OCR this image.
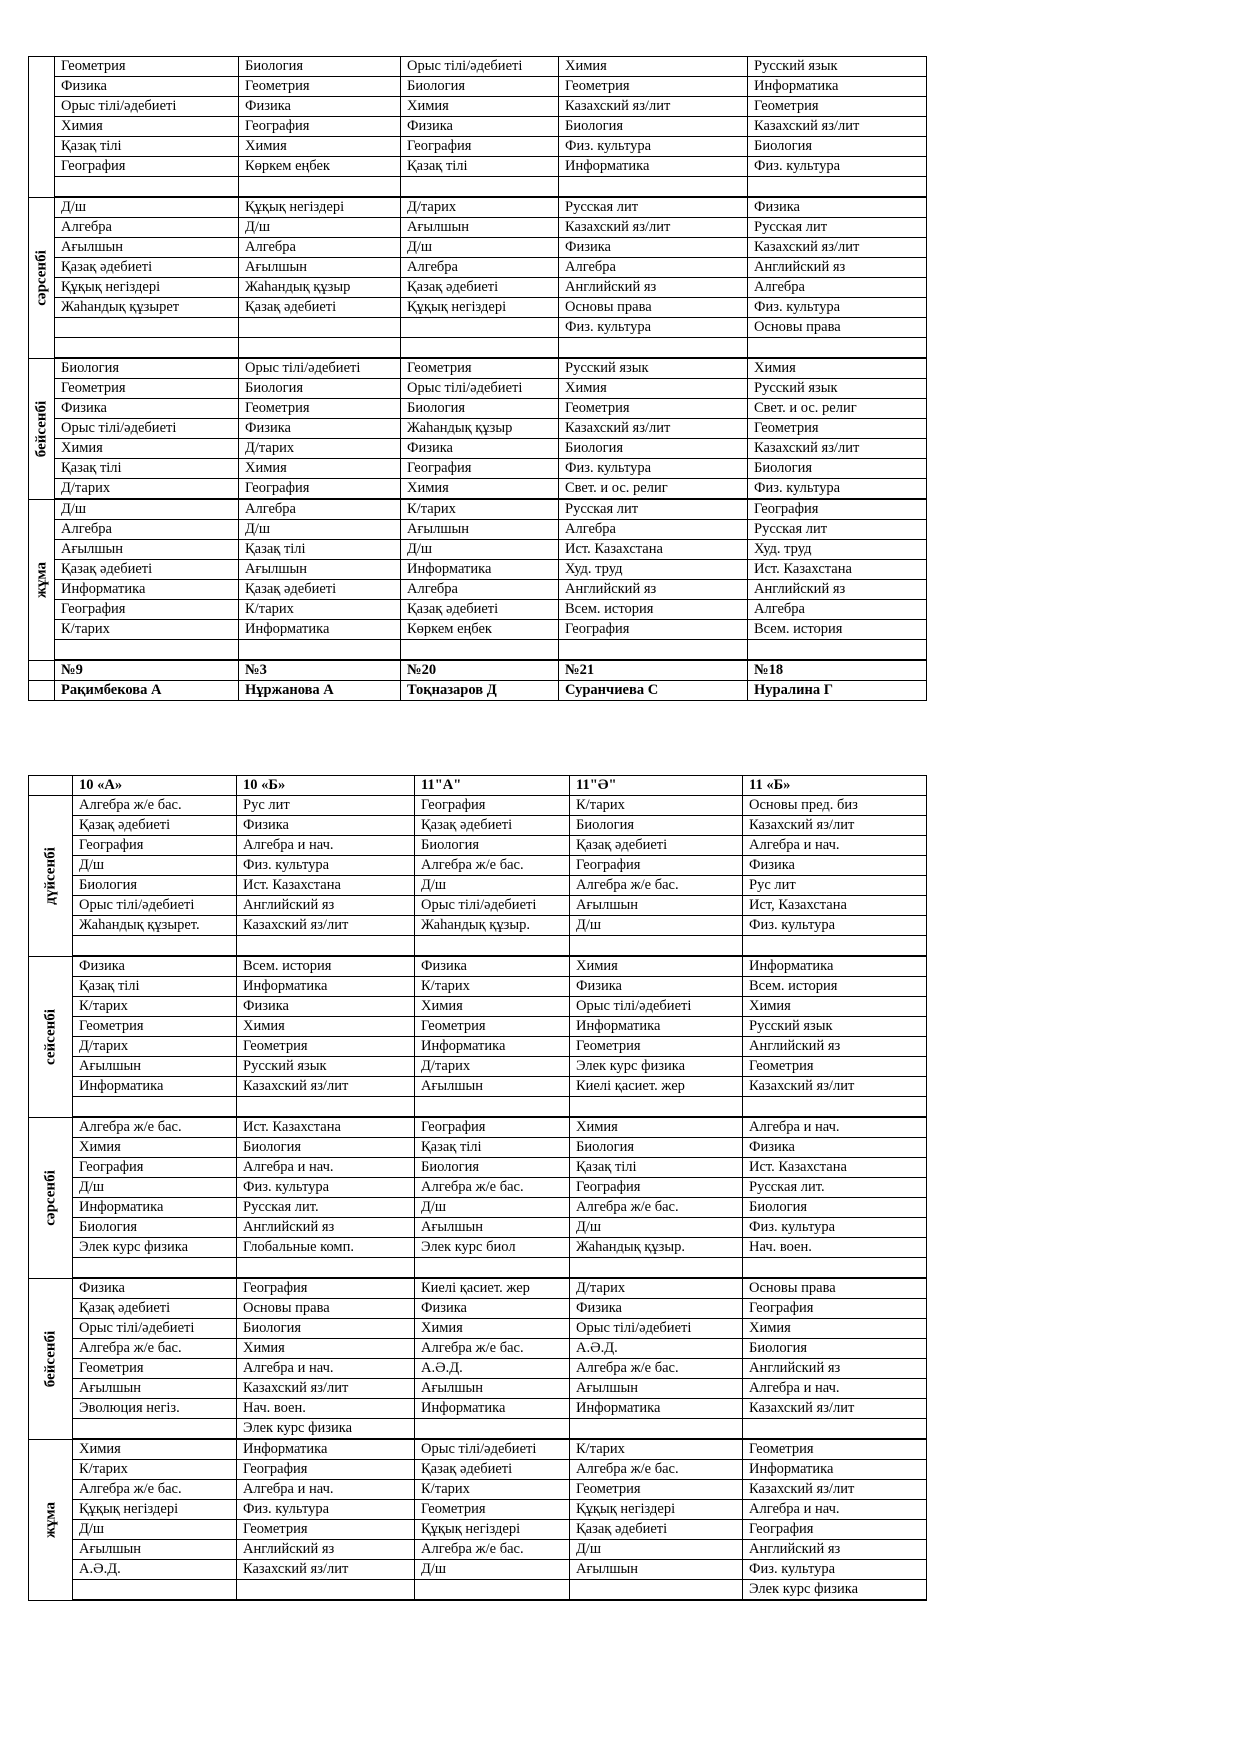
	Геометрия	Биология	Орыс тілі/әдебиеті	Химия	Русский язык
	Физика	Геометрия	Биология	Геометрия	Информатика
	Орыс тілі/әдебиеті	Физика	Химия	Казахский яз/лит	Геометрия
	Химия	География	Физика	Биология	Казахский яз/лит
	Қазақ тілі	Химия	География	Физ. культура	Биология
	География	Көркем еңбек	Қазақ тілі	Информатика	Физ. культура

сәрсенбі	Д/ш	Құқық негіздері	Д/тарих	Русская лит	Физика
	Алгебра	Д/ш	Ағылшын	Казахский яз/лит	Русская лит
	Ағылшын	Алгебра	Д/ш	Физика	Казахский яз/лит
	Қазақ әдебиеті	Ағылшын	Алгебра	Алгебра	Английский яз
	Құқық негіздері	Жаһандық құзыр	Қазақ әдебиеті	Английский яз	Алгебра
	Жаһандық құзырет	Қазақ әдебиеті	Құқық негіздері	Основы права	Физ. культура
				Физ. культура	Основы права

бейсенбі	Биология	Орыс тілі/әдебиеті	Геометрия	Русский язык	Химия
	Геометрия	Биология	Орыс тілі/әдебиеті	Химия	Русский язык
	Физика	Геометрия	Биология	Геометрия	Свет. и ос. религ
	Орыс тілі/әдебиеті	Физика	Жаһандық құзыр	Казахский яз/лит	Геометрия
	Химия	Д/тарих	Физика	Биология	Казахский яз/лит
	Қазақ тілі	Химия	География	Физ. культура	Биология
	Д/тарих	География	Химия	Свет. и ос. религ	Физ. культура

жұма	Д/ш	Алгебра	К/тарих	Русская лит	География
	Алгебра	Д/ш	Ағылшын	Алгебра	Русская лит
	Ағылшын	Қазақ тілі	Д/ш	Ист. Казахстана	Худ. труд
	Қазақ әдебиеті	Ағылшын	Информатика	Худ. труд	Ист. Казахстана
	Информатика	Қазақ әдебиеті	Алгебра	Английский яз	Английский яз
	География	К/тарих	Қазақ әдебиеті	Всем. история	Алгебра
	К/тарих	Информатика	Көркем еңбек	География	Всем. история

	№9	№3	№20	№21	№18
	Рақимбекова А	Нұржанова А	Тоқназаров Д	Суранчиева С	Нуралина Г
	10 «А»	10 «Б»	11"А"	11"Ә"	11 «Б»

дүйсенбі	Алгебра ж/е бас.	Рус лит	География	К/тарих	Основы пред. биз
	Қазақ әдебиеті	Физика	Қазақ әдебиеті	Биология	Казахский яз/лит
	География	Алгебра и нач.	Биология	Қазақ әдебиеті	Алгебра и нач.
	Д/ш	Физ. культура	Алгебра ж/е бас.	География	Физика
	Биология	Ист. Казахстана	Д/ш	Алгебра ж/е бас.	Рус лит
	Орыс тілі/әдебиеті	Английский яз	Орыс тілі/әдебиеті	Ағылшын	Ист, Казахстана
	Жаһандық құзырет.	Казахский яз/лит	Жаһандық құзыр.	Д/ш	Физ. культура

сейсенбі	Физика	Всем. история	Физика	Химия	Информатика
	Қазақ тілі	Информатика	К/тарих	Физика	Всем. история
	К/тарих	Физика	Химия	Орыс тілі/әдебиеті	Химия
	Геометрия	Химия	Геометрия	Информатика	Русский язык
	Д/тарих	Геометрия	Информатика	Геометрия	Английский яз
	Ағылшын	Русский язык	Д/тарих	Элек курс физика	Геометрия
	Информатика	Казахский яз/лит	Ағылшын	Киелі қасиет. жер	Казахский яз/лит

сәрсенбі	Алгебра ж/е бас.	Ист. Казахстана	География	Химия	Алгебра и нач.
	Химия	Биология	Қазақ тілі	Биология	Физика
	География	Алгебра и нач.	Биология	Қазақ тілі	Ист. Казахстана
	Д/ш	Физ. культура	Алгебра ж/е бас.	География	Русская лит.
	Информатика	Русская лит.	Д/ш	Алгебра ж/е бас.	Биология
	Биология	Английский яз	Ағылшын	Д/ш	Физ. культура
	Элек курс физика	Глобальные комп.	Элек курс биол	Жаһандық құзыр.	Нач. воен.

бейсенбі	Физика	География	Киелі қасиет. жер	Д/тарих	Основы права
	Қазақ әдебиеті	Основы права	Физика	Физика	География
	Орыс тілі/әдебиеті	Биология	Химия	Орыс тілі/әдебиеті	Химия
	Алгебра ж/е бас.	Химия	Алгебра ж/е бас.	А.Ә.Д.	Биология
	Геометрия	Алгебра и нач.	А.Ә.Д.	Алгебра ж/е бас.	Английский яз
	Ағылшын	Казахский яз/лит	Ағылшын	Ағылшын	Алгебра и нач.
	Эволюция негіз.	Нач. воен.	Информатика	Информатика	Казахский яз/лит
		Элек курс физика			

жұма	Химия	Информатика	Орыс тілі/әдебиеті	К/тарих	Геометрия
	К/тарих	География	Қазақ әдебиеті	Алгебра ж/е бас.	Информатика
	Алгебра ж/е бас.	Алгебра и нач.	К/тарих	Геометрия	Казахский яз/лит
	Құқық негіздері	Физ. культура	Геометрия	Құқық негіздері	Алгебра и нач.
	Д/ш	Геометрия	Құқық негіздері	Қазақ әдебиеті	География
	Ағылшын	Английский яз	Алгебра ж/е бас.	Д/ш	Английский яз
	А.Ә.Д.	Казахский яз/лит	Д/ш	Ағылшын	Физ. культура
					Элек курс физика
